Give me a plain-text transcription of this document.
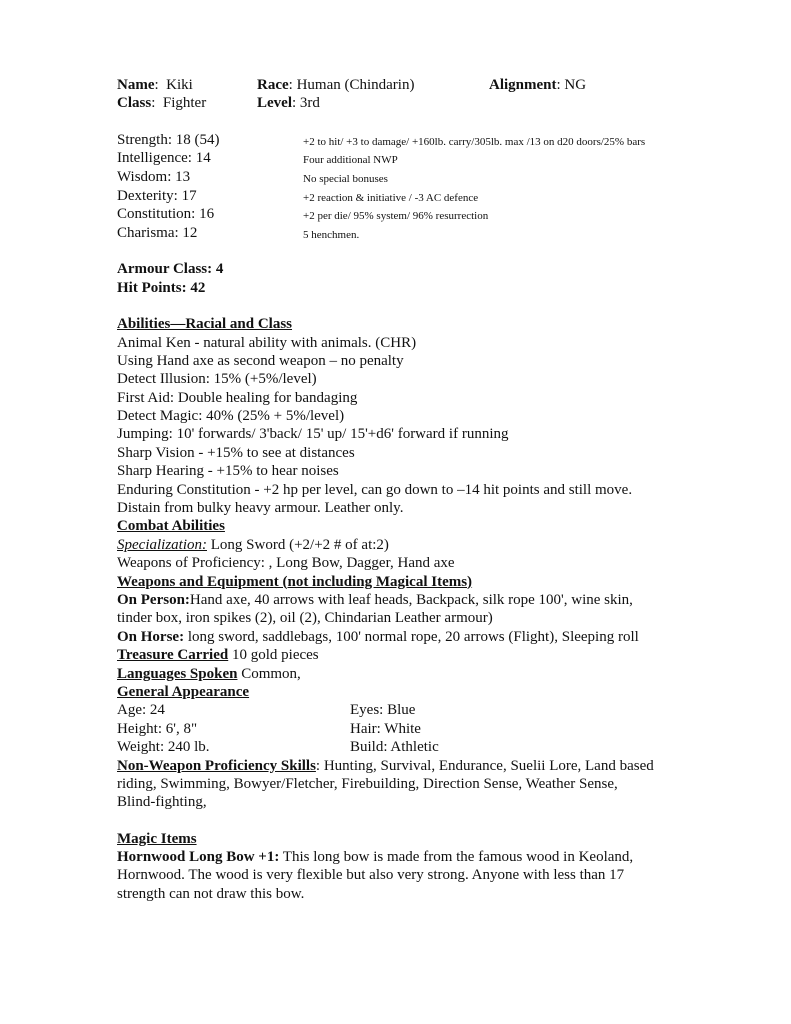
Name:  Kiki	Race: Human (Chindarin)	Alignment: NG
Class:  Fighter	Level: 3rd
Strength: 18 (54)	+2 to hit/ +3 to damage/ +160lb. carry/305lb. max /13 on d20 doors/25% bars
Intelligence: 14	Four additional NWP
Wisdom: 13	No special bonuses
Dexterity: 17	+2 reaction & initiative / -3 AC defence
Constitution: 16	+2 per die/ 95% system/ 96% resurrection
Charisma: 12	5 henchmen.
Armour Class: 4
Hit Points: 42
Abilities—Racial and Class
Animal Ken - natural ability with animals. (CHR)
Using Hand axe as second weapon – no penalty
Detect Illusion: 15% (+5%/level)
First Aid: Double healing for bandaging
Detect Magic: 40% (25% + 5%/level)
Jumping: 10' forwards/ 3'back/ 15' up/ 15'+d6' forward if running
Sharp Vision - +15% to see at distances
Sharp Hearing - +15% to hear noises
Enduring Constitution - +2 hp per level, can go down to –14 hit points and still move.
Distain from bulky heavy armour. Leather only.
Combat Abilities
Specialization: Long Sword (+2/+2 # of at:2)
Weapons of Proficiency: , Long Bow, Dagger, Hand axe
Weapons and Equipment (not including Magical Items)
On Person:Hand axe, 40 arrows with leaf heads, Backpack, silk rope 100', wine skin,
tinder box, iron spikes (2), oil (2), Chindarian Leather armour)
On Horse: long sword, saddlebags, 100' normal rope, 20 arrows (Flight), Sleeping roll
Treasure Carried 10 gold pieces
Languages Spoken Common,
General Appearance
Age: 24	Eyes: Blue
Height: 6', 8"	Hair: White
Weight: 240 lb.	Build: Athletic
Non-Weapon Proficiency Skills: Hunting, Survival, Endurance, Suelii Lore, Land based
riding, Swimming, Bowyer/Fletcher, Firebuilding, Direction Sense, Weather Sense,
Blind-fighting,
Magic Items
Hornwood Long Bow +1: This long bow is made from the famous wood in Keoland,
Hornwood. The wood is very flexible but also very strong. Anyone with less than 17
strength can not draw this bow.
